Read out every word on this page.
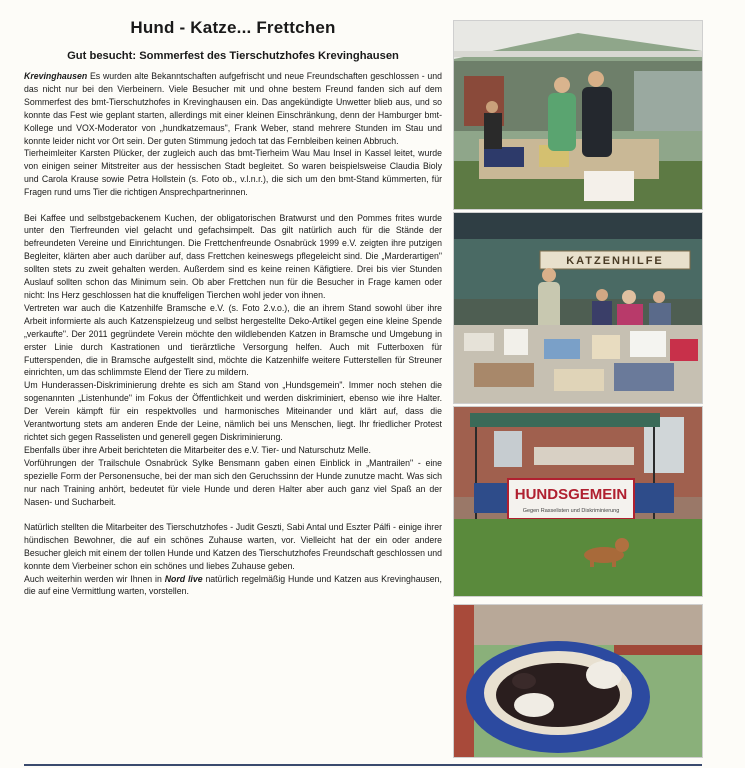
Hund - Katze... Frettchen
Gut besucht: Sommerfest des Tierschutzhofes Krevinghausen

Krevinghausen Es wurden alte Bekanntschaften aufgefrischt und neue Freundschaften geschlossen - und das nicht nur bei den Vierbeinern. Viele Besucher mit und ohne bestem Freund fanden sich auf dem Sommerfest des bmt-Tierschutzhofes in Krevinghausen ein. Das angekündigte Unwetter blieb aus, und so konnte das Fest wie geplant starten, allerdings mit einer kleinen Einschränkung, denn der Hamburger bmt-Kollege und VOX-Moderator von „hundkatzemaus", Frank Weber, stand mehrere Stunden im Stau und konnte leider nicht vor Ort sein. Der guten Stimmung jedoch tat das Fernbleiben keinen Abbruch.

Tierheimleiter Karsten Plücker, der zugleich auch das bmt-Tierheim Wau Mau Insel in Kassel leitet, wurde von einigen seiner Mitstreiter aus der hessischen Stadt begleitet. So waren beispielsweise Claudia Bioly und Carola Krause sowie Petra Hollstein (s. Foto ob., v.l.n.r.), die sich um den bmt-Stand kümmerten, für Fragen rund ums Tier die richtigen Ansprechpartnerinnen.

Bei Kaffee und selbstgebackenem Kuchen, der obligatorischen Bratwurst und den Pommes frites wurde unter den Tierfreunden viel gelacht und gefachsimpelt. Das gilt natürlich auch für die Stände der befreundeten Vereine und Einrichtungen. Die Frettchenfreunde Osnabrück 1999 e.V. zeigten ihre putzigen Begleiter, klärten aber auch darüber auf, dass Frettchen keineswegs pflegeleicht sind. Die „Marderartigen" sollten stets zu zweit gehalten werden. Außerdem sind es keine reinen Käfigtiere. Drei bis vier Stunden Auslauf sollten schon das Minimum sein. Ob aber Frettchen nun für die Besucher in Frage kamen oder nicht: Ins Herz geschlossen hat die knuffeligen Tierchen wohl jeder von ihnen.

Vertreten war auch die Katzenhilfe Bramsche e.V. (s. Foto 2.v.o.), die an ihrem Stand sowohl über ihre Arbeit informierte als auch Katzenspielzeug und selbst hergestellte Deko-Artikel gegen eine kleine Spende „verkaufte". Der 2011 gegründete Verein möchte den wildlebenden Katzen in Bramsche und Umgebung in erster Linie durch Kastrationen und tierärztliche Versorgung helfen. Auch mit Futterboxen für Futterspenden, die in Bramsche aufgestellt sind, möchte die Katzenhilfe weitere Futterstellen für Streuner einrichten, um das schlimmste Elend der Tiere zu mildern.

Um Hunderassen-Diskriminierung drehte es sich am Stand von „Hundsgemein". Immer noch stehen die sogenannten „Listenhunde" im Fokus der Öffentlichkeit und werden diskriminiert, ebenso wie ihre Halter. Der Verein kämpft für ein respektvolles und harmonisches Miteinander und klärt auf, dass die Verantwortung stets am anderen Ende der Leine, nämlich bei uns Menschen, liegt. Ihr friedlicher Protest richtet sich gegen Rasselisten und generell gegen Diskriminierung.

Ebenfalls über ihre Arbeit berichteten die Mitarbeiter des e.V. Tier- und Naturschutz Melle.

Vorführungen der Trailschule Osnabrück Sylke Bensmann gaben einen Einblick in „Mantrailen" - eine spezielle Form der Personensuche, bei der man sich den Geruchssinn der Hunde zunutze macht. Was sich nur nach Training anhört, bedeutet für viele Hunde und deren Halter aber auch ganz viel Spaß an der Nasen- und Sucharbeit.

Natürlich stellten die Mitarbeiter des Tierschutzhofes - Judit Geszti, Sabi Antal und Eszter Pálfi - einige ihrer hündischen Bewohner, die auf ein schönes Zuhause warten, vor. Vielleicht hat der ein oder andere Besucher gleich mit einem der tollen Hunde und Katzen des Tierschutzhofes Freundschaft geschlossen und konnte dem Vierbeiner schon ein schönes und liebes Zuhause geben.

Auch weiterhin werden wir Ihnen in Nord live natürlich regelmäßig Hunde und Katzen aus Krevinghausen, die auf eine Vermittlung warten, vorstellen.

KATZENHILFE
HUNDSGEMEIN
Gegen Rasselisten und Diskriminierung
